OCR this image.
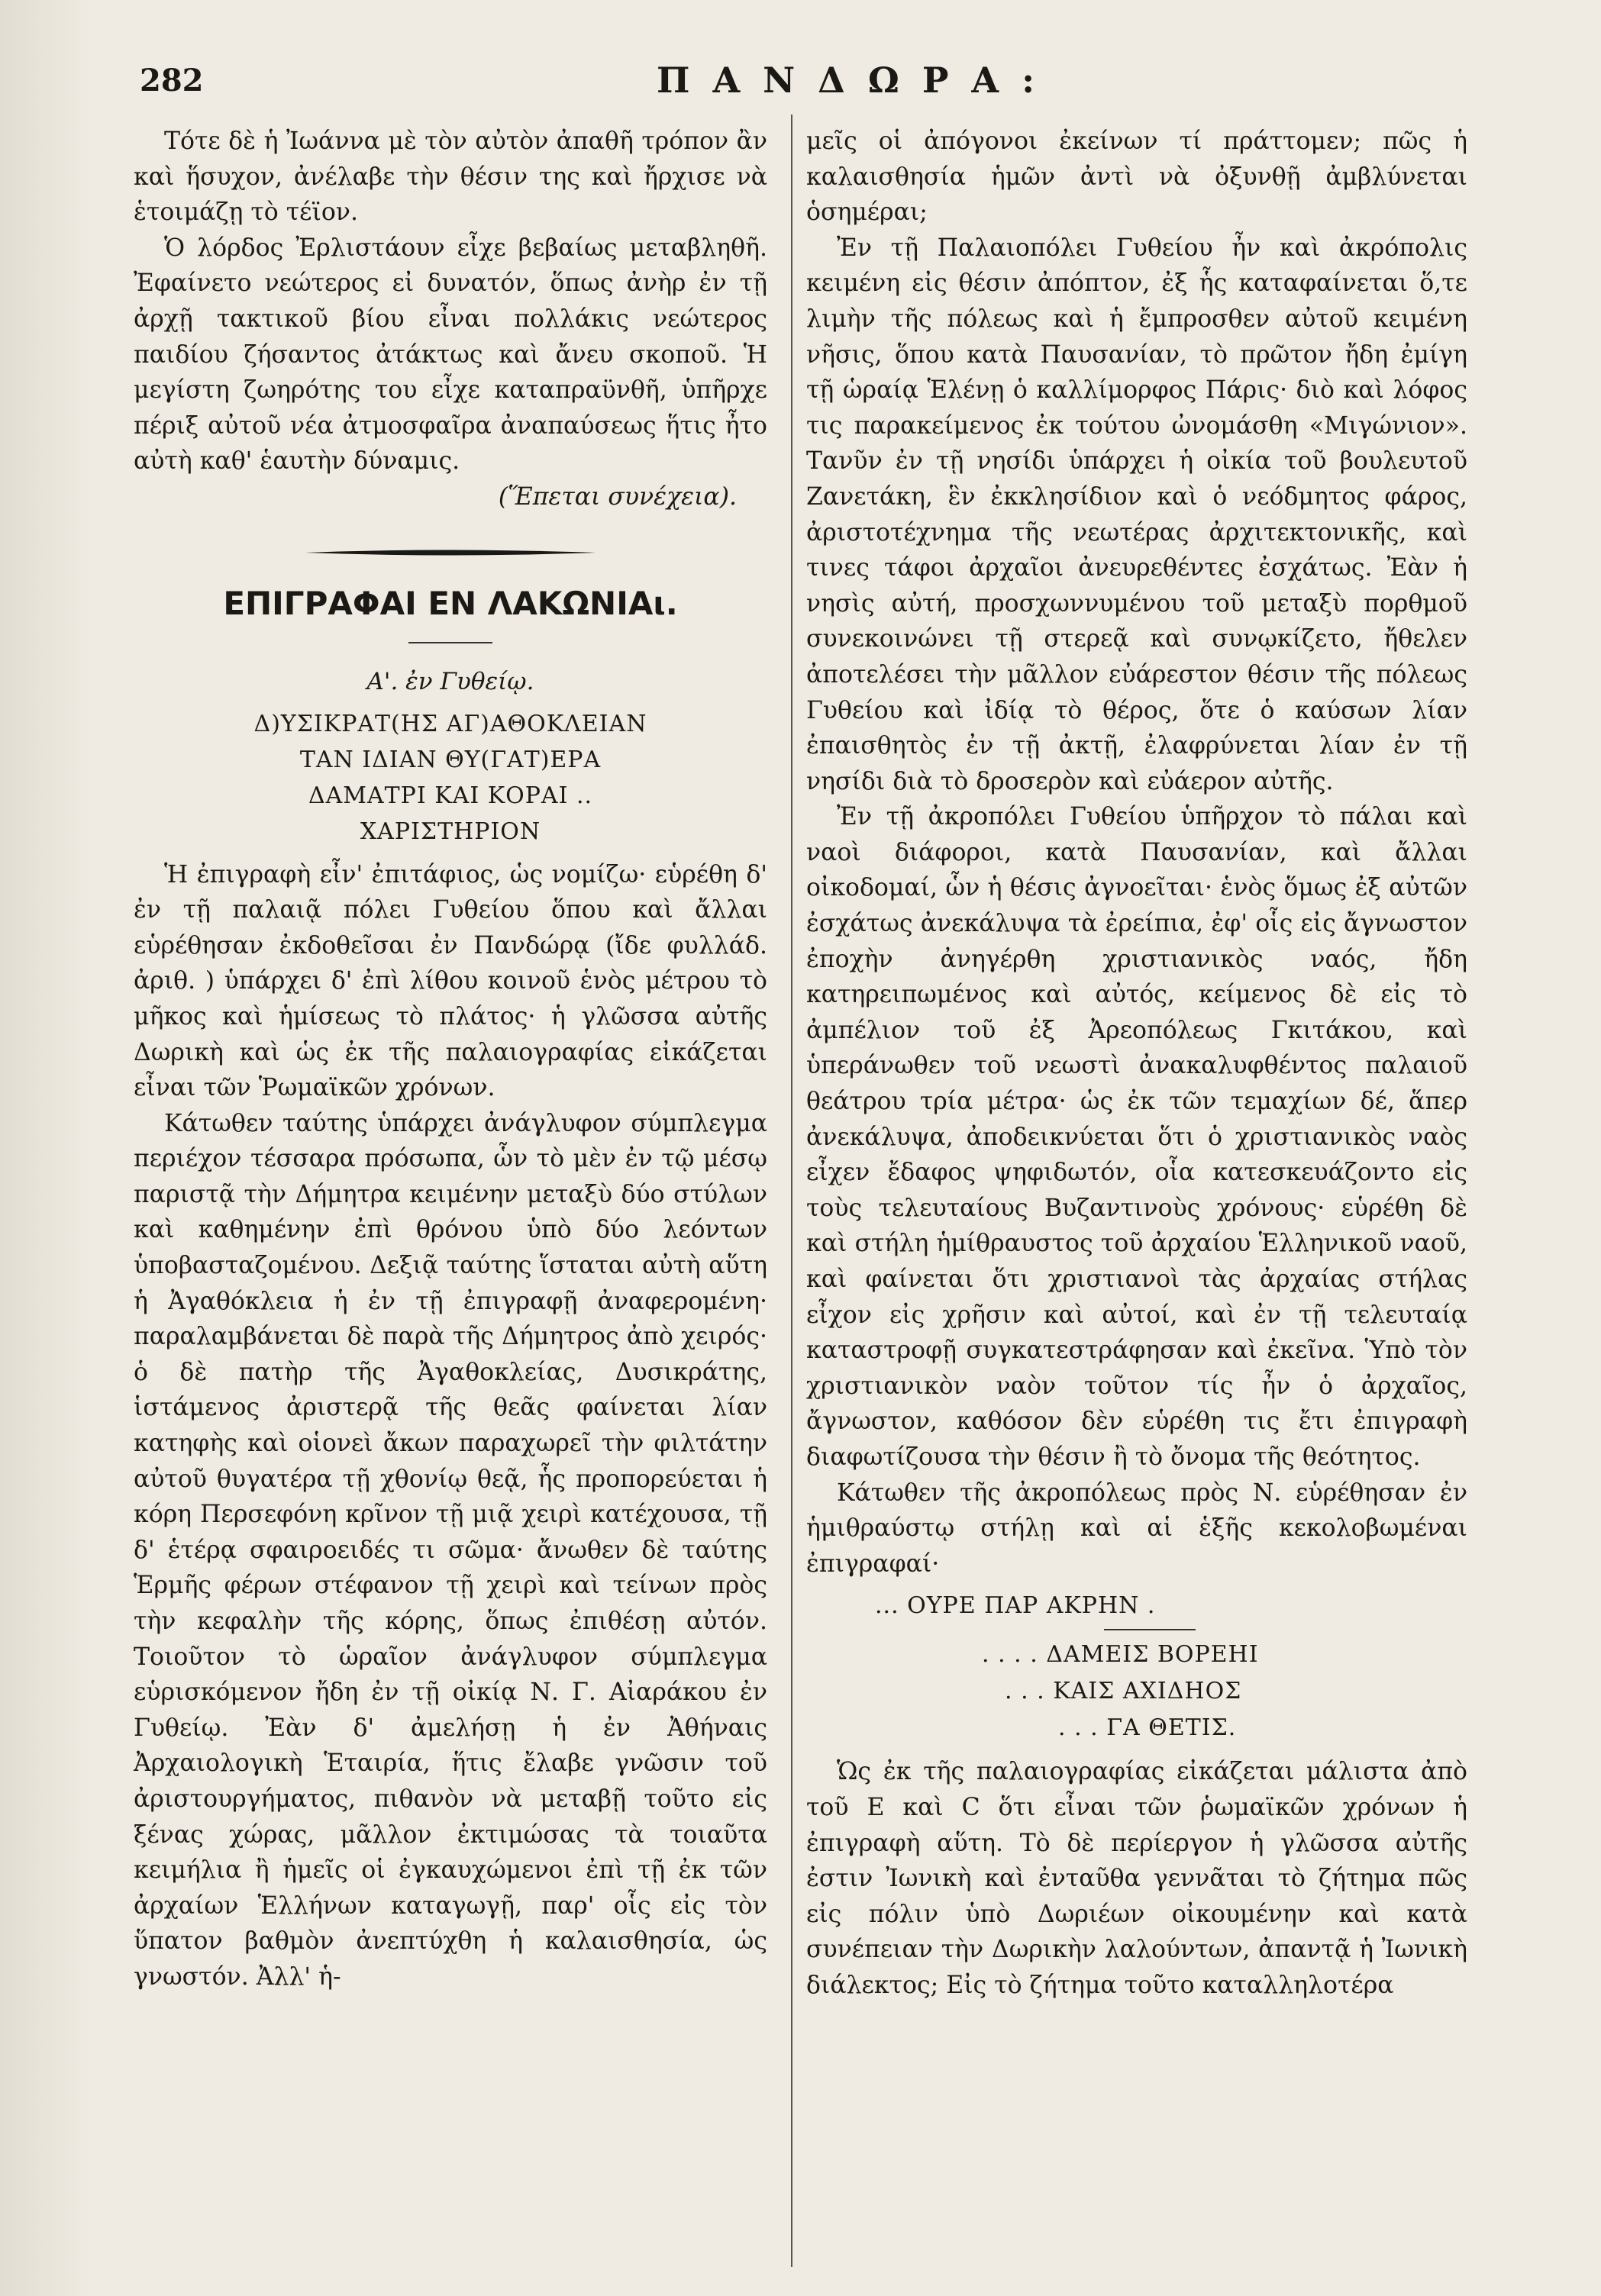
282	ΠΑΝΔΩΡΑ:

Τότε δὲ ἡ Ἰωάννα μὲ τὸν αὐτὸν ἀπαθῆ τρόπον ἂν καὶ ἥσυχον, ἀνέλαβε τὴν θέσιν της καὶ ἤρχισε νὰ ἑτοιμάζῃ τὸ τέϊον.

Ὁ λόρδος Ἐρλιστάουν εἶχε βεβαίως μεταβληθῆ. Ἐφαίνετο νεώτερος εἰ δυνατόν, ὅπως ἀνὴρ ἐν τῇ ἀρχῇ τακτικοῦ βίου εἶναι πολλάκις νεώτερος παιδίου ζήσαντος ἀτάκτως καὶ ἄνευ σκοποῦ. Ἡ μεγίστη ζωηρότης του εἶχε καταπραϋνθῆ, ὑπῆρχε πέριξ αὐτοῦ νέα ἀτμοσφαῖρα ἀναπαύσεως ἥτις ἦτο αὐτὴ καθ' ἑαυτὴν δύναμις.

(Ἕπεται συνέχεια).

ΕΠΙΓΡΑΦΑΙ ΕΝ ΛΑΚΩΝΙΑι.
Α'. ἐν Γυθείῳ.

Δ)ΥΣΙΚΡΑΤ(ΗΣ ΑΓ)ΑΘΟΚΛΕΙΑΝ

ΤΑΝ ΙΔΙΑΝ ΘΥ(ΓΑΤ)ΕΡΑ

ΔΑΜΑΤΡΙ ΚΑΙ ΚΟΡΑΙ ..

ΧΑΡΙΣΤΗΡΙΟΝ

Ἡ ἐπιγραφὴ εἶν' ἐπιτάφιος, ὡς νομίζω· εὑρέθη δ' ἐν τῇ παλαιᾷ πόλει Γυθείου ὅπου καὶ ἄλλαι εὑρέθησαν ἐκδοθεῖσαι ἐν Πανδώρᾳ (ἴδε φυλλάδ. ἀριθ. ) ὑπάρχει δ' ἐπὶ λίθου κοινοῦ ἑνὸς μέτρου τὸ μῆκος καὶ ἡμίσεως τὸ πλάτος· ἡ γλῶσσα αὐτῆς Δωρικὴ καὶ ὡς ἐκ τῆς παλαιογραφίας εἰκάζεται εἶναι τῶν Ῥωμαϊκῶν χρόνων.

Κάτωθεν ταύτης ὑπάρχει ἀνάγλυφον σύμπλεγμα περιέχον τέσσαρα πρόσωπα, ὧν τὸ μὲν ἐν τῷ μέσῳ παριστᾷ τὴν Δήμητρα κειμένην μεταξὺ δύο στύλων καὶ καθημένην ἐπὶ θρόνου ὑπὸ δύο λεόντων ὑποβασταζομένου. Δεξιᾷ ταύτης ἵσταται αὐτὴ αὕτη ἡ Ἀγαθόκλεια ἡ ἐν τῇ ἐπιγραφῇ ἀναφερομένη· παραλαμβάνεται δὲ παρὰ τῆς Δήμητρος ἀπὸ χειρός· ὁ δὲ πατὴρ τῆς Ἀγαθοκλείας, Δυσικράτης, ἱστάμενος ἀριστερᾷ τῆς θεᾶς φαίνεται λίαν κατηφὴς καὶ οἱονεὶ ἄκων παραχωρεῖ τὴν φιλτάτην αὐτοῦ θυγατέρα τῇ χθονίῳ θεᾷ, ἧς προπορεύεται ἡ κόρη Περσεφόνη κρῖνον τῇ μιᾷ χειρὶ κατέχουσα, τῇ δ' ἑτέρᾳ σφαιροειδές τι σῶμα· ἄνωθεν δὲ ταύτης Ἑρμῆς φέρων στέφανον τῇ χειρὶ καὶ τείνων πρὸς τὴν κεφαλὴν τῆς κόρης, ὅπως ἐπιθέσῃ αὐτόν. Τοιοῦτον τὸ ὡραῖον ἀνάγλυφον σύμπλεγμα εὑρισκόμενον ἤδη ἐν τῇ οἰκίᾳ Ν. Γ. Αἰαράκου ἐν Γυθείῳ. Ἐὰν δ' ἀμελήσῃ ἡ ἐν Ἀθήναις Ἀρχαιολογικὴ Ἑταιρία, ἥτις ἔλαβε γνῶσιν τοῦ ἀριστουργήματος, πιθανὸν νὰ μεταβῇ τοῦτο εἰς ξένας χώρας, μᾶλλον ἐκτιμώσας τὰ τοιαῦτα κειμήλια ἢ ἡμεῖς οἱ ἐγκαυχώμενοι ἐπὶ τῇ ἐκ τῶν ἀρχαίων Ἑλλήνων καταγωγῇ, παρ' οἷς εἰς τὸν ὕπατον βαθμὸν ἀνεπτύχθη ἡ καλαισθησία, ὡς γνωστόν. Ἀλλ' ἡ-

μεῖς οἱ ἀπόγονοι ἐκείνων τί πράττομεν; πῶς ἡ καλαισθησία ἡμῶν ἀντὶ νὰ ὀξυνθῇ ἀμβλύνεται ὁσημέραι;

Ἐν τῇ Παλαιοπόλει Γυθείου ἦν καὶ ἀκρόπολις κειμένη εἰς θέσιν ἀπόπτον, ἐξ ἧς καταφαίνεται ὅ,τε λιμὴν τῆς πόλεως καὶ ἡ ἔμπροσθεν αὐτοῦ κειμένη νῆσις, ὅπου κατὰ Παυσανίαν, τὸ πρῶτον ἤδη ἐμίγη τῇ ὡραίᾳ Ἑλένῃ ὁ καλλίμορφος Πάρις· διὸ καὶ λόφος τις παρακείμενος ἐκ τούτου ὠνομάσθη «Μιγώνιον». Τανῦν ἐν τῇ νησίδι ὑπάρχει ἡ οἰκία τοῦ βουλευτοῦ Ζανετάκη, ἓν ἐκκλησίδιον καὶ ὁ νεόδμητος φάρος, ἀριστοτέχνημα τῆς νεωτέρας ἀρχιτεκτονικῆς, καὶ τινες τάφοι ἀρχαῖοι ἀνευρεθέντες ἐσχάτως. Ἐὰν ἡ νησὶς αὐτή, προσχωννυμένου τοῦ μεταξὺ πορθμοῦ συνεκοινώνει τῇ στερεᾷ καὶ συνῳκίζετο, ἤθελεν ἀποτελέσει τὴν μᾶλλον εὐάρεστον θέσιν τῆς πόλεως Γυθείου καὶ ἰδίᾳ τὸ θέρος, ὅτε ὁ καύσων λίαν ἐπαισθητὸς ἐν τῇ ἀκτῇ, ἐλαφρύνεται λίαν ἐν τῇ νησίδι διὰ τὸ δροσερὸν καὶ εὐάερον αὐτῆς.

Ἐν τῇ ἀκροπόλει Γυθείου ὑπῆρχον τὸ πάλαι καὶ ναοὶ διάφοροι, κατὰ Παυσανίαν, καὶ ἄλλαι οἰκοδομαί, ὧν ἡ θέσις ἀγνοεῖται· ἑνὸς ὅμως ἐξ αὐτῶν ἐσχάτως ἀνεκάλυψα τὰ ἐρείπια, ἐφ' οἷς εἰς ἄγνωστον ἐποχὴν ἀνηγέρθη χριστιανικὸς ναός, ἤδη κατηρειπωμένος καὶ αὐτός, κείμενος δὲ εἰς τὸ ἀμπέλιον τοῦ ἐξ Ἀρεοπόλεως Γκιτάκου, καὶ ὑπεράνωθεν τοῦ νεωστὶ ἀνακαλυφθέντος παλαιοῦ θεάτρου τρία μέτρα· ὡς ἐκ τῶν τεμαχίων δέ, ἅπερ ἀνεκάλυψα, ἀποδεικνύεται ὅτι ὁ χριστιανικὸς ναὸς εἶχεν ἔδαφος ψηφιδωτόν, οἷα κατεσκευάζοντο εἰς τοὺς τελευταίους Βυζαντινοὺς χρόνους· εὑρέθη δὲ καὶ στήλη ἡμίθραυστος τοῦ ἀρχαίου Ἑλληνικοῦ ναοῦ, καὶ φαίνεται ὅτι χριστιανοὶ τὰς ἀρχαίας στήλας εἶχον εἰς χρῆσιν καὶ αὐτοί, καὶ ἐν τῇ τελευταίᾳ καταστροφῇ συγκατεστράφησαν καὶ ἐκεῖνα. Ὑπὸ τὸν χριστιανικὸν ναὸν τοῦτον τίς ἦν ὁ ἀρχαῖος, ἄγνωστον, καθόσον δὲν εὑρέθη τις ἔτι ἐπιγραφὴ διαφωτίζουσα τὴν θέσιν ἢ τὸ ὄνομα τῆς θεότητος.

Κάτωθεν τῆς ἀκροπόλεως πρὸς Ν. εὑρέθησαν ἐν ἡμιθραύστῳ στήλῃ καὶ αἱ ἑξῆς κεκολοβωμέναι ἐπιγραφαί·

... ΟΥΡΕ ΠΑΡ ΑΚΡΗΝ .

. . . . ΔΑΜΕΙΣ ΒΟΡΕΗΙ

. . . ΚΑΙΣ ΑΧΙΔΗΟΣ

. . . ΓΑ ΘΕΤΙΣ.

Ὡς ἐκ τῆς παλαιογραφίας εἰκάζεται μάλιστα ἀπὸ τοῦ Ε καὶ C ὅτι εἶναι τῶν ῥωμαϊκῶν χρόνων ἡ ἐπιγραφὴ αὕτη. Τὸ δὲ περίεργον ἡ γλῶσσα αὐτῆς ἐστιν Ἰωνικὴ καὶ ἐνταῦθα γεννᾶται τὸ ζήτημα πῶς εἰς πόλιν ὑπὸ Δωριέων οἰκουμένην καὶ κατὰ συνέπειαν τὴν Δωρικὴν λαλούντων, ἀπαντᾷ ἡ Ἰωνικὴ διάλεκτος; Εἰς τὸ ζήτημα τοῦτο καταλληλοτέρα
